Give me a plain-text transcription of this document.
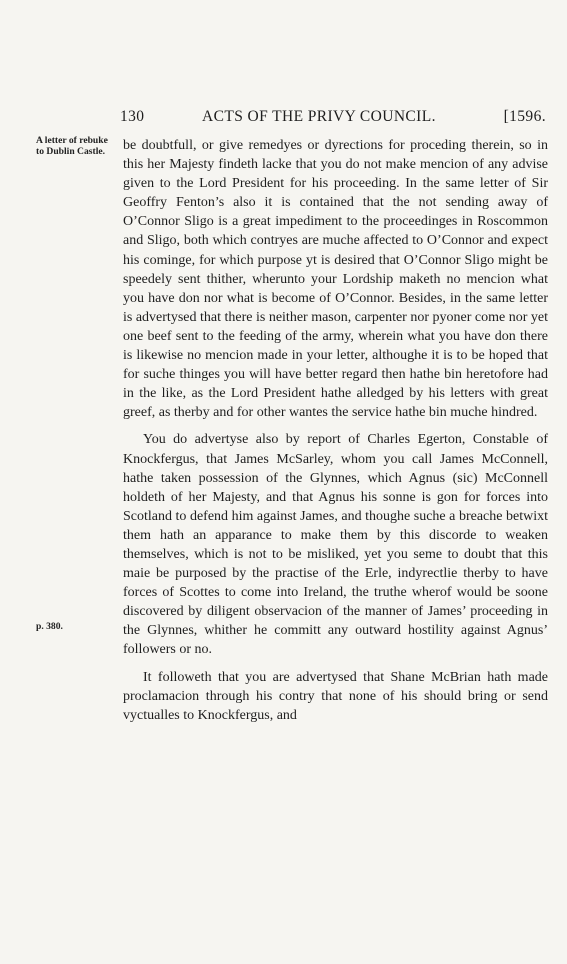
130	ACTS OF THE PRIVY COUNCIL.	[1596.
A letter of rebuke to Dublin Castle.
p. 380.

be doubtfull, or give remedyes or dyrections for proceding therein, so in this her Majesty findeth lacke that you do not make mencion of any advise given to the Lord President for his proceeding. In the same letter of Sir Geoffry Fenton’s also it is contained that the not sending away of O’Connor Sligo is a great impediment to the proceedinges in Roscommon and Sligo, both which contryes are muche affected to O’Connor and expect his cominge, for which purpose yt is desired that O’Connor Sligo might be speedely sent thither, wherunto your Lordship maketh no mencion what you have don nor what is become of O’Connor. Besides, in the same letter is advertysed that there is neither mason, carpenter nor pyoner come nor yet one beef sent to the feeding of the army, wherein what you have don there is likewise no mencion made in your letter, althoughe it is to be hoped that for suche thinges you will have better regard then hathe bin heretofore had in the like, as the Lord President hathe alledged by his letters with great greef, as therby and for other wantes the service hathe bin muche hindred.

You do advertyse also by report of Charles Egerton, Constable of Knockfergus, that James McSarley, whom you call James McConnell, hathe taken possession of the Glynnes, which Agnus (sic) McConnell holdeth of her Majesty, and that Agnus his sonne is gon for forces into Scotland to defend him against James, and thoughe suche a breache betwixt them hath an apparance to make them by this discorde to weaken themselves, which is not to be misliked, yet you seme to doubt that this maie be purposed by the practise of the Erle, indyrectlie therby to have forces of Scottes to come into Ireland, the truthe wherof would be soone discovered by diligent observacion of the manner of James’ proceeding in the Glynnes, whither he committ any outward hostility against Agnus’ followers or no.

It followeth that you are advertysed that Shane McBrian hath made proclamacion through his contry that none of his should bring or send vyctualles to Knockfergus, and
